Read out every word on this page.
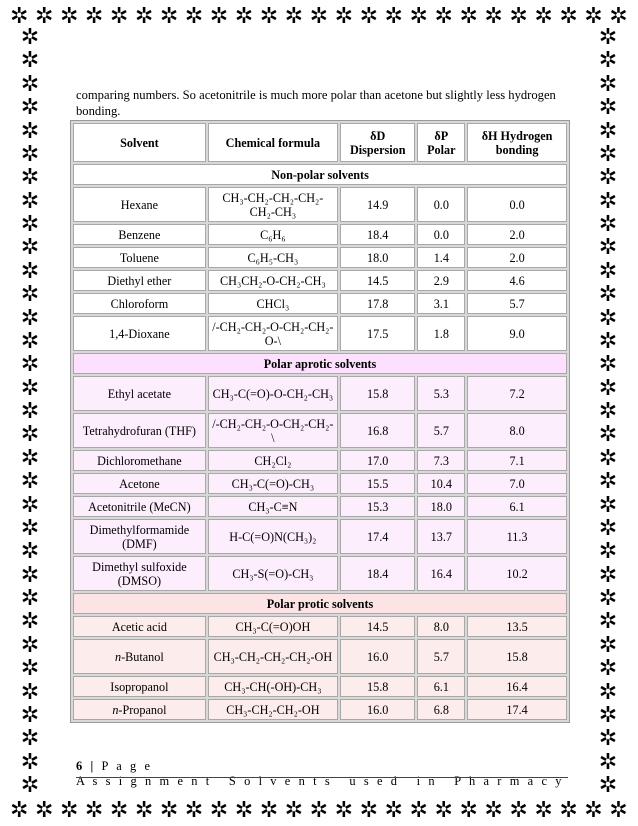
✲ ✲ ✲ ✲ ✲ ✲ ✲ ✲ ✲ ✲ ✲ ✲ ✲ ✲ ✲ ✲ ✲ ✲ ✲ ✲ ✲ ✲ ✲ ✲ ✲
✲ ✲ ✲ ✲ ✲ ✲ ✲ ✲ ✲ ✲ ✲ ✲ ✲ ✲ ✲ ✲ ✲ ✲ ✲ ✲ ✲ ✲ ✲ ✲ ✲
✲
✲
✲
✲
✲
✲
✲
✲
✲
✲
✲
✲
✲
✲
✲
✲
✲
✲
✲
✲
✲
✲
✲
✲
✲
✲
✲
✲
✲
✲
✲
✲
✲
✲
✲
✲
✲
✲
✲
✲
✲
✲
✲
✲
✲
✲
✲
✲
✲
✲
✲
✲
✲
✲
✲
✲
✲
✲
✲
✲
✲
✲
✲
✲
✲
✲

comparing numbers. So acetonitrile is much more polar than acetone but slightly less hydrogen bonding.

Solvent	Chemical formula	δD Dispersion	δP Polar	δH Hydrogen bonding
Non-polar solvents				
Hexane	CH₃-CH₂-CH₂-CH₂-CH₂-CH₃	14.9	0.0	0.0
Benzene	C₆H₆	18.4	0.0	2.0
Toluene	C₆H₅-CH₃	18.0	1.4	2.0
Diethyl ether	CH₃CH₂-O-CH₂-CH₃	14.5	2.9	4.6
Chloroform	CHCl₃	17.8	3.1	5.7
1,4-Dioxane	/-CH₂-CH₂-O-CH₂-CH₂-O-\	17.5	1.8	9.0
Polar aprotic solvents				
Ethyl acetate	CH₃-C(=O)-O-CH₂-CH₃	15.8	5.3	7.2
Tetrahydrofuran (THF)	/-CH₂-CH₂-O-CH₂-CH₂-\	16.8	5.7	8.0
Dichloromethane	CH₂Cl₂	17.0	7.3	7.1
Acetone	CH₃-C(=O)-CH₃	15.5	10.4	7.0
Acetonitrile (MeCN)	CH₃-C≡N	15.3	18.0	6.1
Dimethylformamide (DMF)	H-C(=O)N(CH₃)₂	17.4	13.7	11.3
Dimethyl sulfoxide (DMSO)	CH₃-S(=O)-CH₃	18.4	16.4	10.2
Polar protic solvents				
Acetic acid	CH₃-C(=O)OH	14.5	8.0	13.5
n-Butanol	CH₃-CH₂-CH₂-CH₂-OH	16.0	5.7	15.8
Isopropanol	CH₃-CH(-OH)-CH₃	15.8	6.1	16.4
n-Propanol	CH₃-CH₂-CH₂-OH	16.0	6.8	17.4
6 | P a g eA s s i g n m e n t   S o l v e n t s   u s e d   i n   P h a r m a c y
